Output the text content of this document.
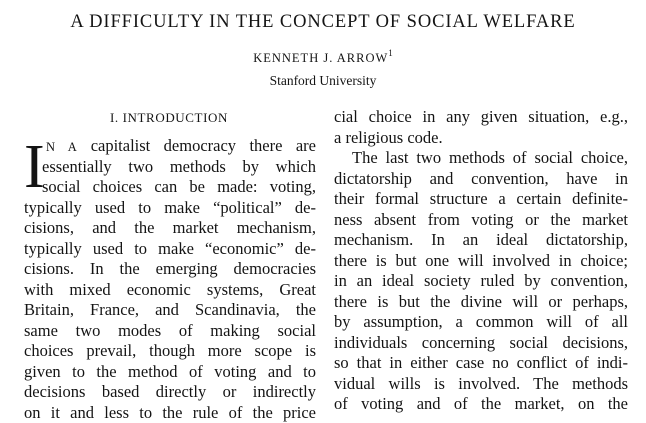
A DIFFICULTY IN THE CONCEPT OF SOCIAL WELFARE
KENNETH J. ARROW$^1$
Stanford University
I. INTRODUCTION
I N A capitalist democracy there are
essentially two methods by which
social choices can be made: voting,
typically used to make “political” de-
cisions, and the market mechanism,
typically used to make “economic” de-
cisions. In the emerging democracies
with mixed economic systems, Great
Britain, France, and Scandinavia, the
same two modes of making social
choices prevail, though more scope is
given to the method of voting and to
decisions based directly or indirectly
on it and less to the rule of the price
cial choice in any given situation, e.g.,
a religious code.
The last two methods of social choice,
dictatorship and convention, have in
their formal structure a certain definite-
ness absent from voting or the market
mechanism. In an ideal dictatorship,
there is but one will involved in choice;
in an ideal society ruled by convention,
there is but the divine will or perhaps,
by assumption, a common will of all
individuals concerning social decisions,
so that in either case no conflict of indi-
vidual wills is involved. The methods
of voting and of the market, on the
